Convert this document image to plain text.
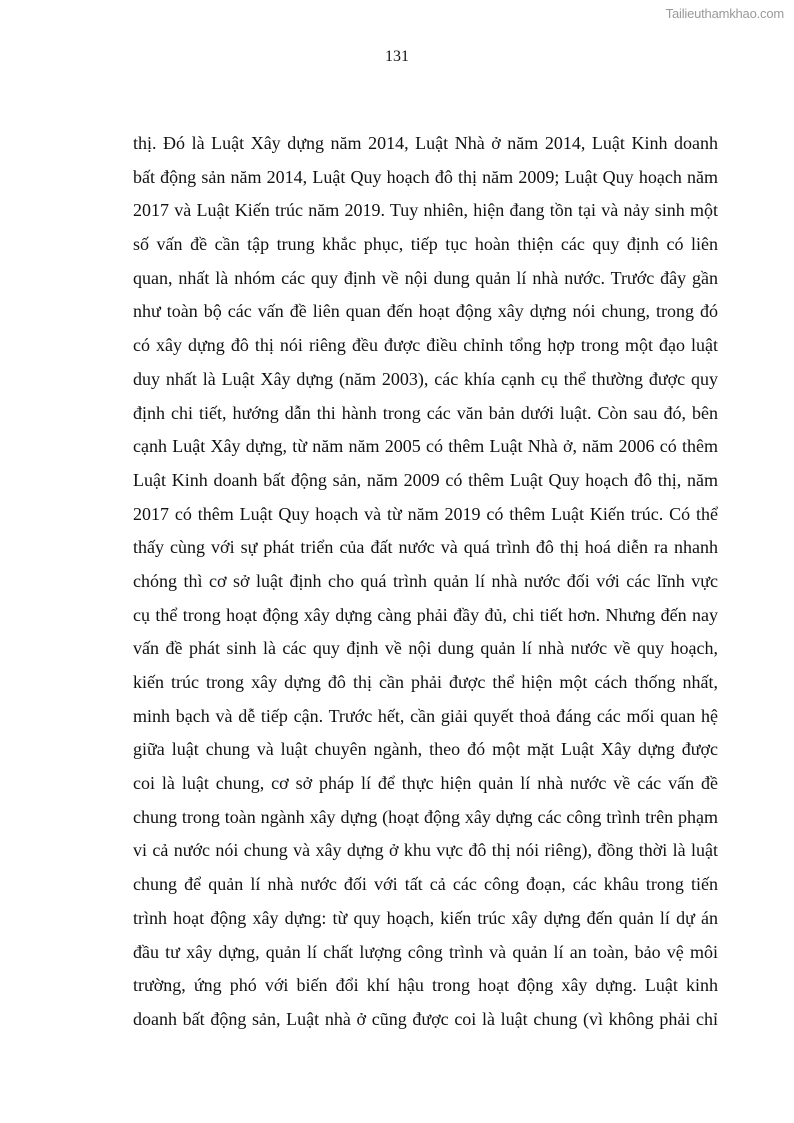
Tailieuthamkhao.com
131
thị. Đó là Luật Xây dựng năm 2014, Luật Nhà ở năm 2014, Luật Kinh doanh
bất động sản năm 2014, Luật Quy hoạch đô thị năm 2009; Luật Quy hoạch năm
2017 và Luật Kiến trúc năm 2019. Tuy nhiên, hiện đang tồn tại và nảy sinh một
số vấn đề cần tập trung khắc phục, tiếp tục hoàn thiện các quy định có liên
quan, nhất là nhóm các quy định về nội dung quản lí nhà nước. Trước đây gần
như toàn bộ các vấn đề liên quan đến hoạt động xây dựng nói chung, trong đó
có xây dựng đô thị nói riêng đều được điều chỉnh tổng hợp trong một đạo luật
duy nhất là Luật Xây dựng (năm 2003), các khía cạnh cụ thể thường được quy
định chi tiết, hướng dẫn thi hành trong các văn bản dưới luật. Còn sau đó, bên
cạnh Luật Xây dựng, từ năm năm 2005 có thêm Luật Nhà ở, năm 2006 có thêm
Luật Kinh doanh bất động sản, năm 2009 có thêm Luật Quy hoạch đô thị, năm
2017 có thêm Luật Quy hoạch và từ năm 2019 có thêm Luật Kiến trúc. Có thể
thấy cùng với sự phát triển của đất nước và quá trình đô thị hoá diễn ra nhanh
chóng thì cơ sở luật định cho quá trình quản lí nhà nước đối với các lĩnh vực
cụ thể trong hoạt động xây dựng càng phải đầy đủ, chi tiết hơn. Nhưng đến nay
vấn đề phát sinh là các quy định về nội dung quản lí nhà nước về quy hoạch,
kiến trúc trong xây dựng đô thị cần phải được thể hiện một cách thống nhất,
minh bạch và dễ tiếp cận. Trước hết, cần giải quyết thoả đáng các mối quan hệ
giữa luật chung và luật chuyên ngành, theo đó một mặt Luật Xây dựng được
coi là luật chung, cơ sở pháp lí để thực hiện quản lí nhà nước về các vấn đề
chung trong toàn ngành xây dựng (hoạt động xây dựng các công trình trên phạm
vi cả nước nói chung và xây dựng ở khu vực đô thị nói riêng), đồng thời là luật
chung để quản lí nhà nước đối với tất cả các công đoạn, các khâu trong tiến
trình hoạt động xây dựng: từ quy hoạch, kiến trúc xây dựng đến quản lí dự án
đầu tư xây dựng, quản lí chất lượng công trình và quản lí an toàn, bảo vệ môi
trường, ứng phó với biến đổi khí hậu trong hoạt động xây dựng. Luật kinh
doanh bất động sản, Luật nhà ở cũng được coi là luật chung (vì không phải chỉ
